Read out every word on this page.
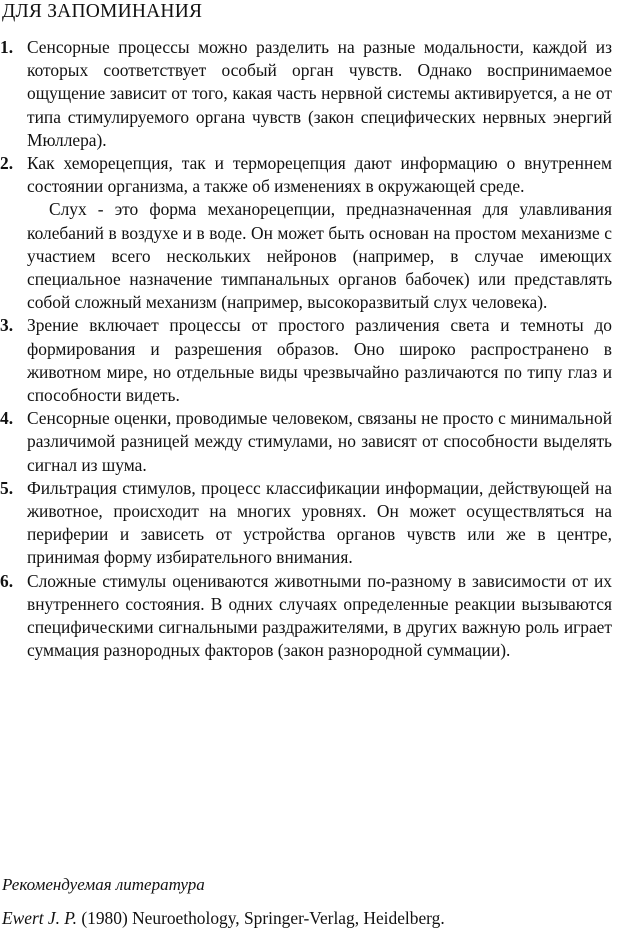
ДЛЯ ЗАПОМИНАНИЯ
1. Сенсорные процессы можно разделить на разные модальности, каждой из которых соответствует особый орган чувств. Однако воспринимаемое ощущение зависит от того, какая часть нервной системы активируется, а не от типа стимулируемого органа чувств (закон специфических нервных энергий Мюллера).
2. Как хеморецепция, так и терморецепция дают информацию о внутреннем состоянии организма, а также об изменениях в окружающей среде.
Слух - это форма механорецепции, предназначенная для улавливания колебаний в воздухе и в воде. Он может быть основан на простом механизме с участием всего нескольких нейронов (например, в случае имеющих специальное назначение тимпанальных органов бабочек) или представлять собой сложный механизм (например, высокоразвитый слух человека).
3. Зрение включает процессы от простого различения света и темноты до формирования и разрешения образов. Оно широко распространено в животном мире, но отдельные виды чрезвычайно различаются по типу глаз и способности видеть.
4. Сенсорные оценки, проводимые человеком, связаны не просто с минимальной различимой разницей между стимулами, но зависят от способности выделять сигнал из шума.
5. Фильтрация стимулов, процесс классификации информации, действующей на животное, происходит на многих уровнях. Он может осуществляться на периферии и зависеть от устройства органов чувств или же в центре, принимая форму избирательного внимания.
6. Сложные стимулы оцениваются животными по-разному в зависимости от их внутреннего состояния. В одних случаях определенные реакции вызываются специфическими сигнальными раздражителями, в других важную роль играет суммация разнородных факторов (закон разнородной суммации).
Рекомендуемая литература
Ewert J. P. (1980) Neuroethology, Springer-Verlag, Heidelberg.
